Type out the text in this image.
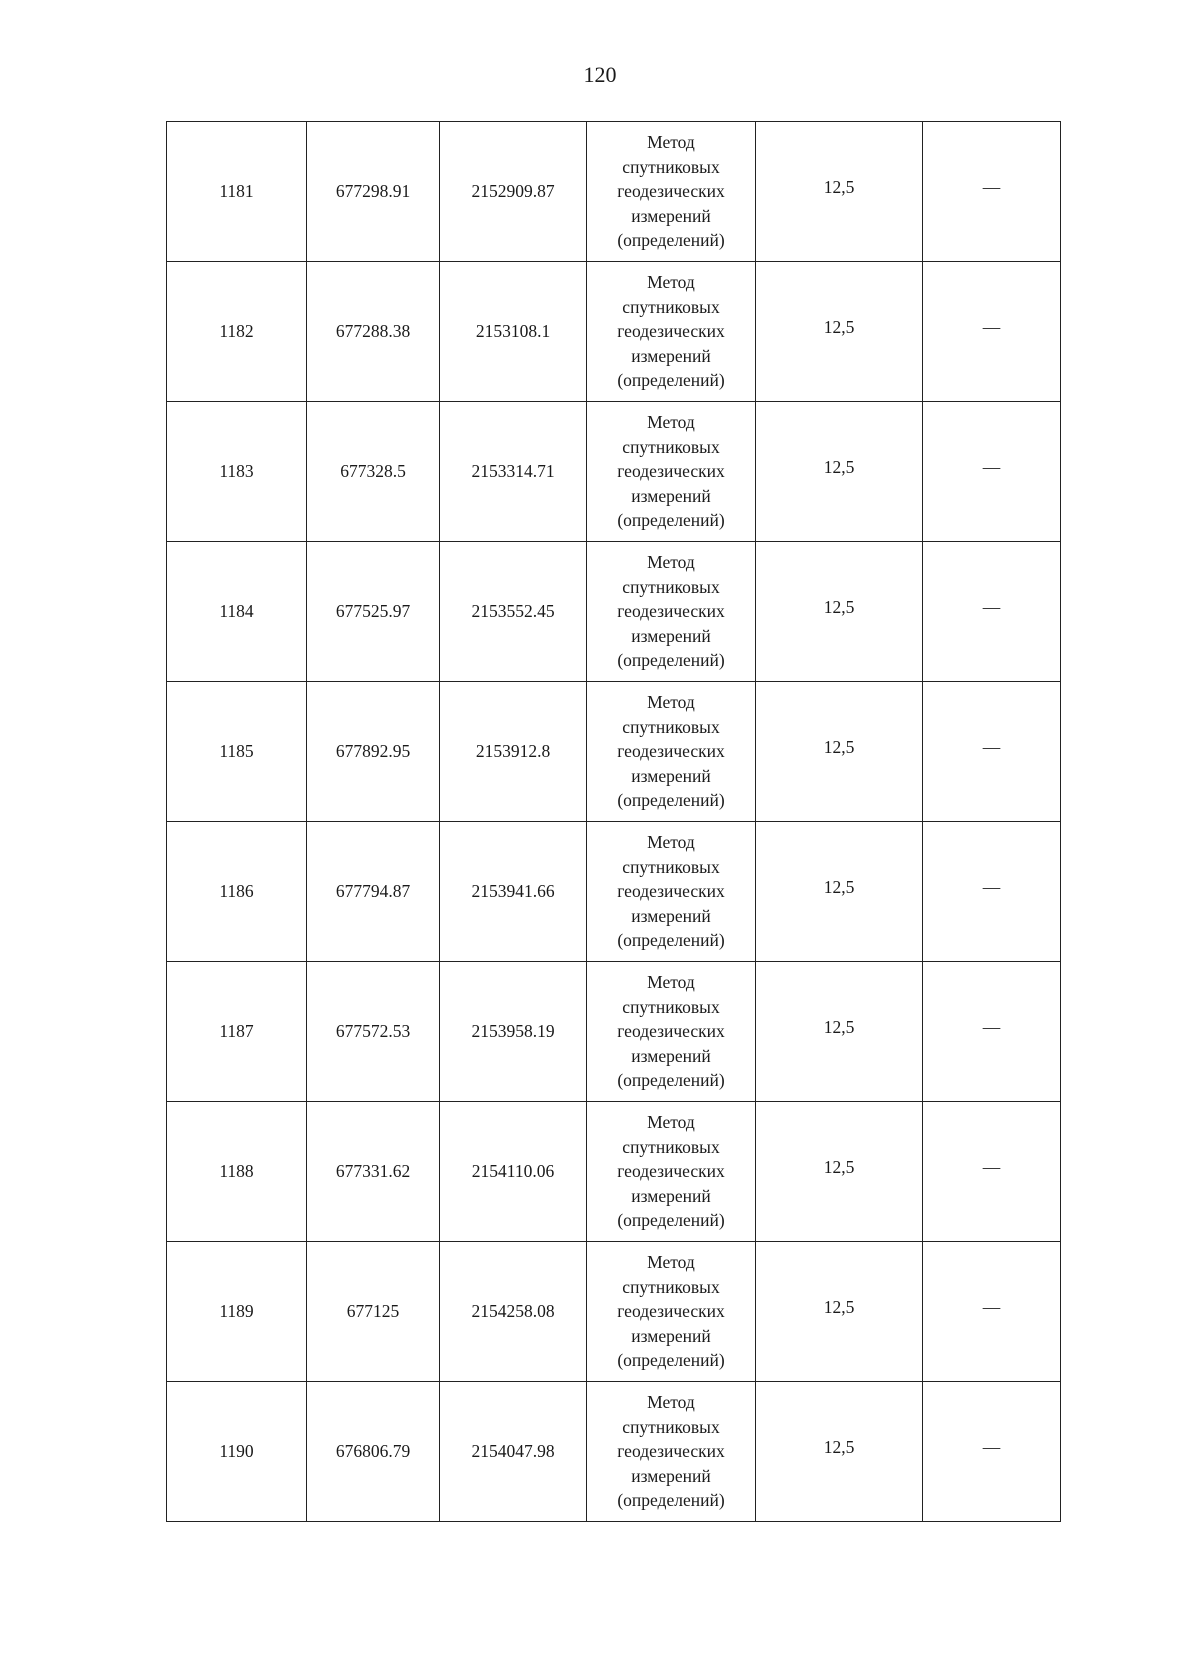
120
1181	677298.91	2152909.87	Метод
спутниковых
геодезических
измерений
(определений)	12,5	—
1182	677288.38	2153108.1	Метод
спутниковых
геодезических
измерений
(определений)	12,5	—
1183	677328.5	2153314.71	Метод
спутниковых
геодезических
измерений
(определений)	12,5	—
1184	677525.97	2153552.45	Метод
спутниковых
геодезических
измерений
(определений)	12,5	—
1185	677892.95	2153912.8	Метод
спутниковых
геодезических
измерений
(определений)	12,5	—
1186	677794.87	2153941.66	Метод
спутниковых
геодезических
измерений
(определений)	12,5	—
1187	677572.53	2153958.19	Метод
спутниковых
геодезических
измерений
(определений)	12,5	—
1188	677331.62	2154110.06	Метод
спутниковых
геодезических
измерений
(определений)	12,5	—
1189	677125	2154258.08	Метод
спутниковых
геодезических
измерений
(определений)	12,5	—
1190	676806.79	2154047.98	Метод
спутниковых
геодезических
измерений
(определений)	12,5	—
